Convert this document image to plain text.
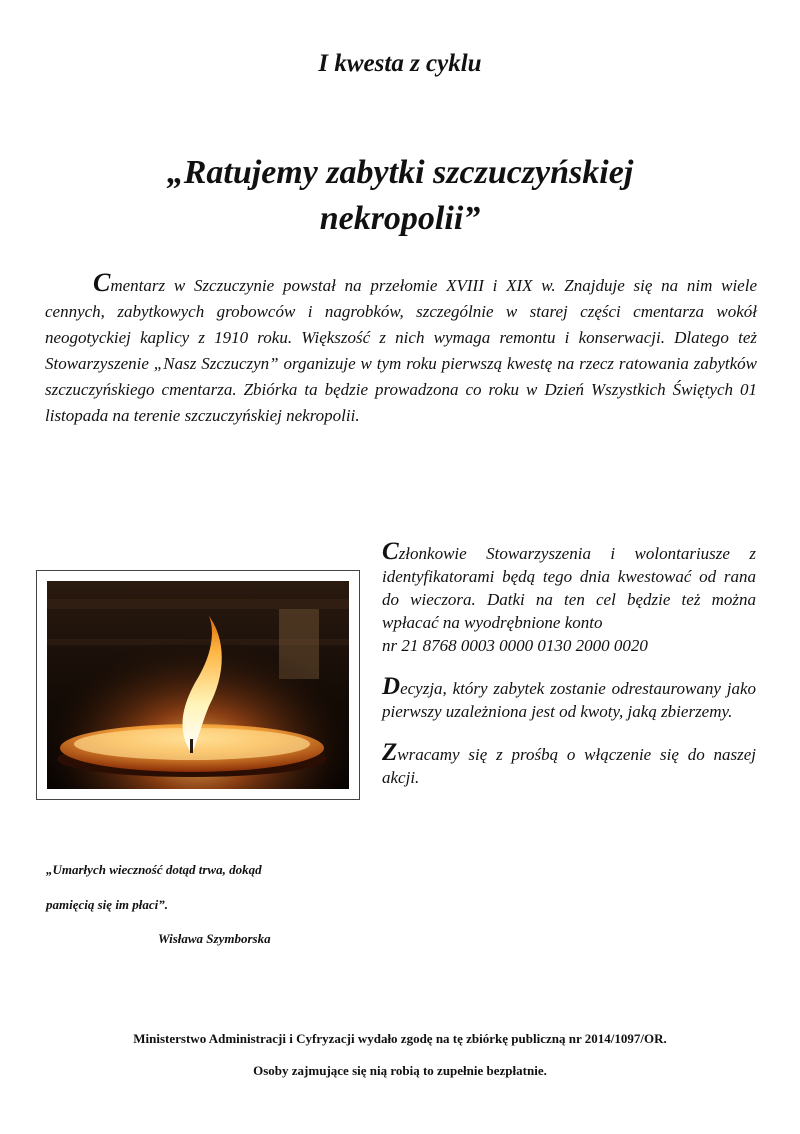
I kwesta z cyklu
„Ratujemy zabytki szczuczyńskiej
nekropolii”
Cmentarz w Szczuczynie powstał na przełomie XVIII i XIX w. Znajduje się na nim wiele cennych, zabytkowych grobowców i nagrobków, szczególnie w starej części cmentarza wokół neogotyckiej kaplicy z 1910 roku. Większość z nich wymaga remontu i konserwacji. Dlatego też Stowarzyszenie „Nasz Szczuczyn” organizuje w tym roku pierwszą kwestę na rzecz ratowania zabytków szczuczyńskiego cmentarza. Zbiórka ta będzie prowadzona co roku w Dzień Wszystkich Świętych 01 listopada na terenie szczuczyńskiej nekropolii.

Członkowie Stowarzyszenia i wolontariusze z identyfikatorami będą tego dnia kwestować od rana do wieczora. Datki na ten cel będzie też można wpłacać na wyodrębnione konto
nr 21 8768 0003 0000 0130 2000 0020

Decyzja, który zabytek zostanie odrestaurowany jako pierwszy uzależniona jest od kwoty, jaką zbierzemy.

Zwracamy się z prośbą o włączenie się do naszej akcji.

„Umarłych wieczność dotąd trwa, dokąd
pamięcią się im płaci”.
Wisława Szymborska
Ministerstwo Administracji i Cyfryzacji wydało zgodę na tę zbiórkę publiczną nr 2014/1097/OR.
Osoby zajmujące się nią robią to zupełnie bezpłatnie.
